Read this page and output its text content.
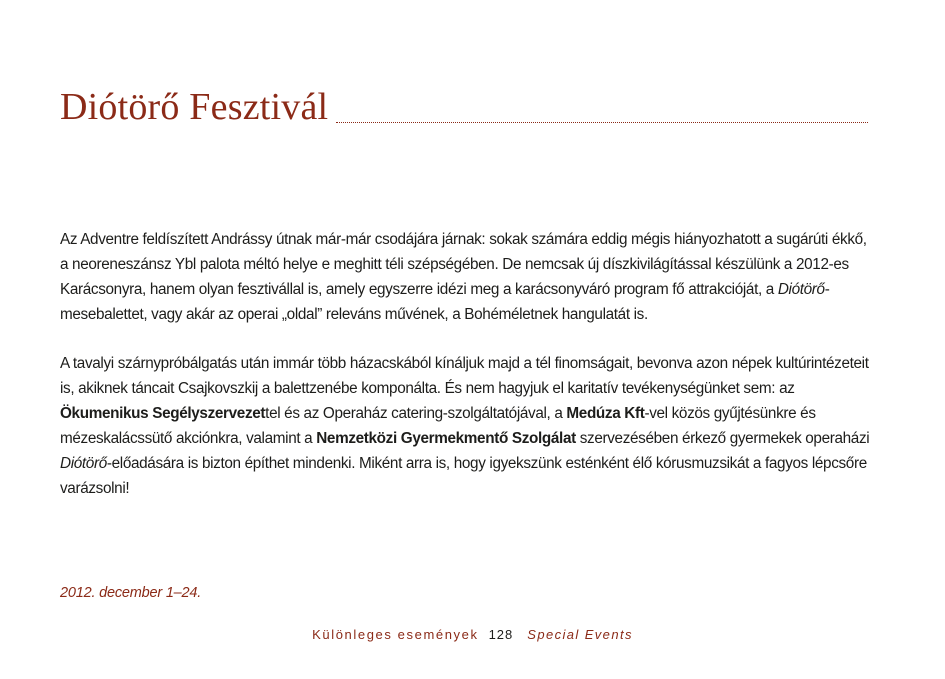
Diótörő Fesztivál

Az Adventre feldíszített Andrássy útnak már-már csodájára járnak: sokak számára eddig mégis hiányozhatott a sugárúti ékkő, a neoreneszánsz Ybl palota méltó helye e meghitt téli szépségében. De nemcsak új díszkivilágítással készülünk a 2012-es Karácsonyra, hanem olyan fesztivállal is, amely egyszerre idézi meg a karácsonyváró program fő attrakcióját, a Diótörő-mesebalettet, vagy akár az operai „oldal” releváns művének, a Bohéméletnek hangulatát is.

A tavalyi szárnypróbálgatás után immár több házacskából kínáljuk majd a tél finomságait, bevonva azon népek kultúrintézeteit is, akiknek táncait Csajkovszkij a balettzenébe komponálta. És nem hagyjuk el karitatív tevékenységünket sem: az Ökumenikus Segélyszervezettel és az Operaház catering-szolgáltatójával, a Medúza Kft-vel közös gyűjtésünkre és mézeskalácssütő akciónkra, valamint a Nemzetközi Gyermekmentő Szolgálat szervezésében érkező gyermekek operaházi Diótörő-előadására is bizton építhet mindenki. Miként arra is, hogy igyekszünk esténként élő kórusmuzsikát a fagyos lépcsőre varázsolni!

2012. december 1–24.
Különleges események 128 Special Events
